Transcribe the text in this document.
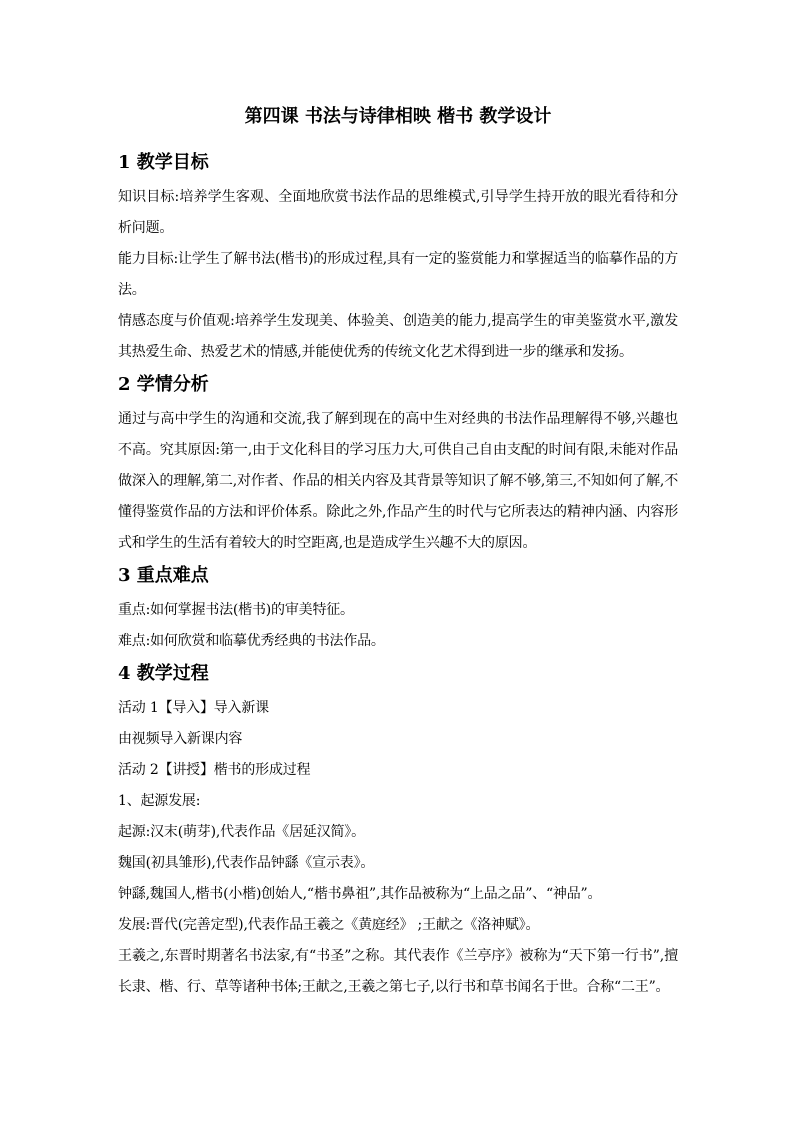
第四课 书法与诗律相映 楷书 教学设计
1 教学目标

知识目标:培养学生客观、全面地欣赏书法作品的思维模式,引导学生持开放的眼光看待和分析问题。

能力目标:让学生了解书法(楷书)的形成过程,具有一定的鉴赏能力和掌握适当的临摹作品的方法。

情感态度与价值观:培养学生发现美、体验美、创造美的能力,提高学生的审美鉴赏水平,激发其热爱生命、热爱艺术的情感,并能使优秀的传统文化艺术得到进一步的继承和发扬。

2 学情分析

通过与高中学生的沟通和交流,我了解到现在的高中生对经典的书法作品理解得不够,兴趣也不高。究其原因:第一,由于文化科目的学习压力大,可供自己自由支配的时间有限,未能对作品做深入的理解,第二,对作者、作品的相关内容及其背景等知识了解不够,第三,不知如何了解,不懂得鉴赏作品的方法和评价体系。除此之外,作品产生的时代与它所表达的精神内涵、内容形式和学生的生活有着较大的时空距离,也是造成学生兴趣不大的原因。

3 重点难点

重点:如何掌握书法(楷书)的审美特征。

难点:如何欣赏和临摹优秀经典的书法作品。

4 教学过程

活动 1【导入】导入新课

由视频导入新课内容

活动 2【讲授】楷书的形成过程

1、起源发展:

起源:汉末(萌芽),代表作品《居延汉简》。

魏国(初具雏形),代表作品钟繇《宣示表》。

钟繇,魏国人,楷书(小楷)创始人,“楷书鼻祖”,其作品被称为“上品之品”、“神品”。

发展:晋代(完善定型),代表作品王羲之《黄庭经》 ;王献之《洛神赋》。

王羲之,东晋时期著名书法家,有“书圣”之称。其代表作《兰亭序》被称为“天下第一行书”,擅长隶、楷、行、草等诸种书体;王献之,王羲之第七子,以行书和草书闻名于世。合称“二王”。
